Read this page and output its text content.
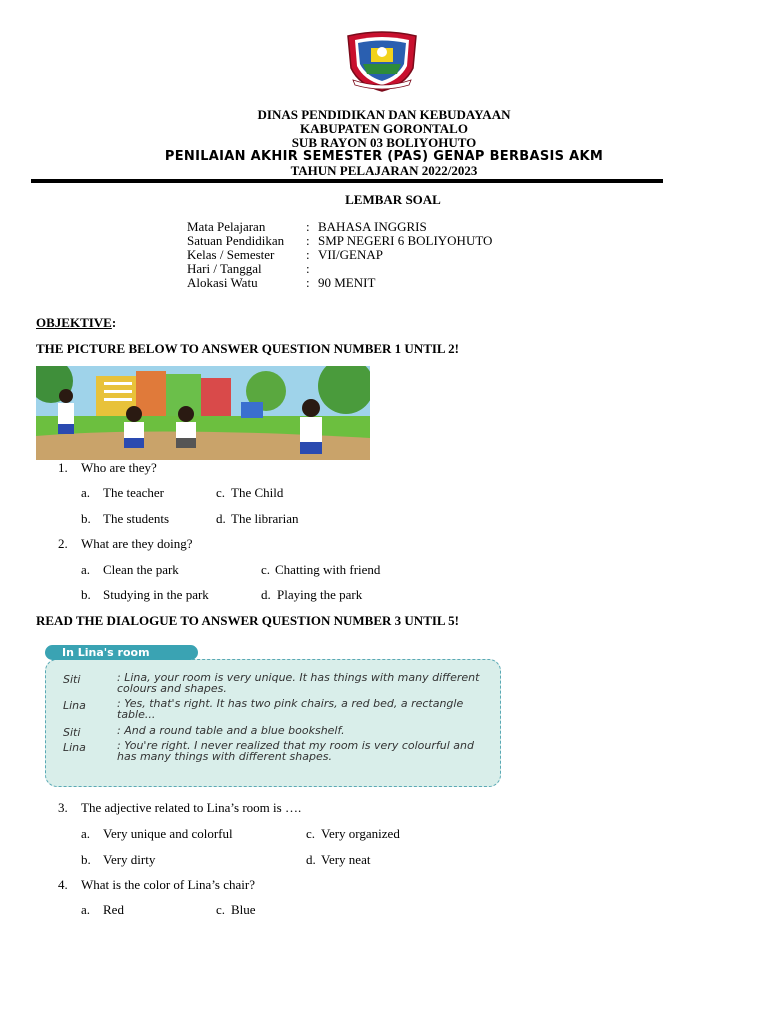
DINAS PENDIDIKAN DAN KEBUDAYAAN
KABUPATEN GORONTALO
SUB RAYON 03 BOLIYOHUTO
PENILAIAN AKHIR SEMESTER (PAS) GENAP BERBASIS AKM
TAHUN PELAJARAN 2022/2023
LEMBAR SOAL
Mata Pelajaran	: BAHASA INGGRIS
Satuan Pendidikan : SMP NEGERI 6 BOLIYOHUTO
Kelas / Semester : VII/GENAP
Hari / Tanggal	:
Alokasi Watu	: 90 MENIT
OBJEKTIVE:
THE PICTURE BELOW TO ANSWER QUESTION NUMBER 1 UNTIL 2!
1. Who are they?
a. The teacher	c. The Child
b. The students	d. The librarian
2. What are they doing?
a. Clean the park	c. Chatting with friend
b. Studying in the park	d. Playing the park
READ THE DIALOGUE TO ANSWER QUESTION NUMBER 3 UNTIL 5!
In Lina's room
Siti	: Lina, your room is very unique. It has things with many different colours and shapes.
Lina	: Yes, that's right. It has two pink chairs, a red bed, a rectangle table...
Siti	: And a round table and a blue bookshelf.
Lina	: You're right. I never realized that my room is very colourful and has many things with different shapes.
3. The adjective related to Lina’s room is ….
a. Very unique and colorful	c. Very organized
b. Very dirty	d. Very neat
4. What is the color of Lina’s chair?
a. Red	c. Blue
